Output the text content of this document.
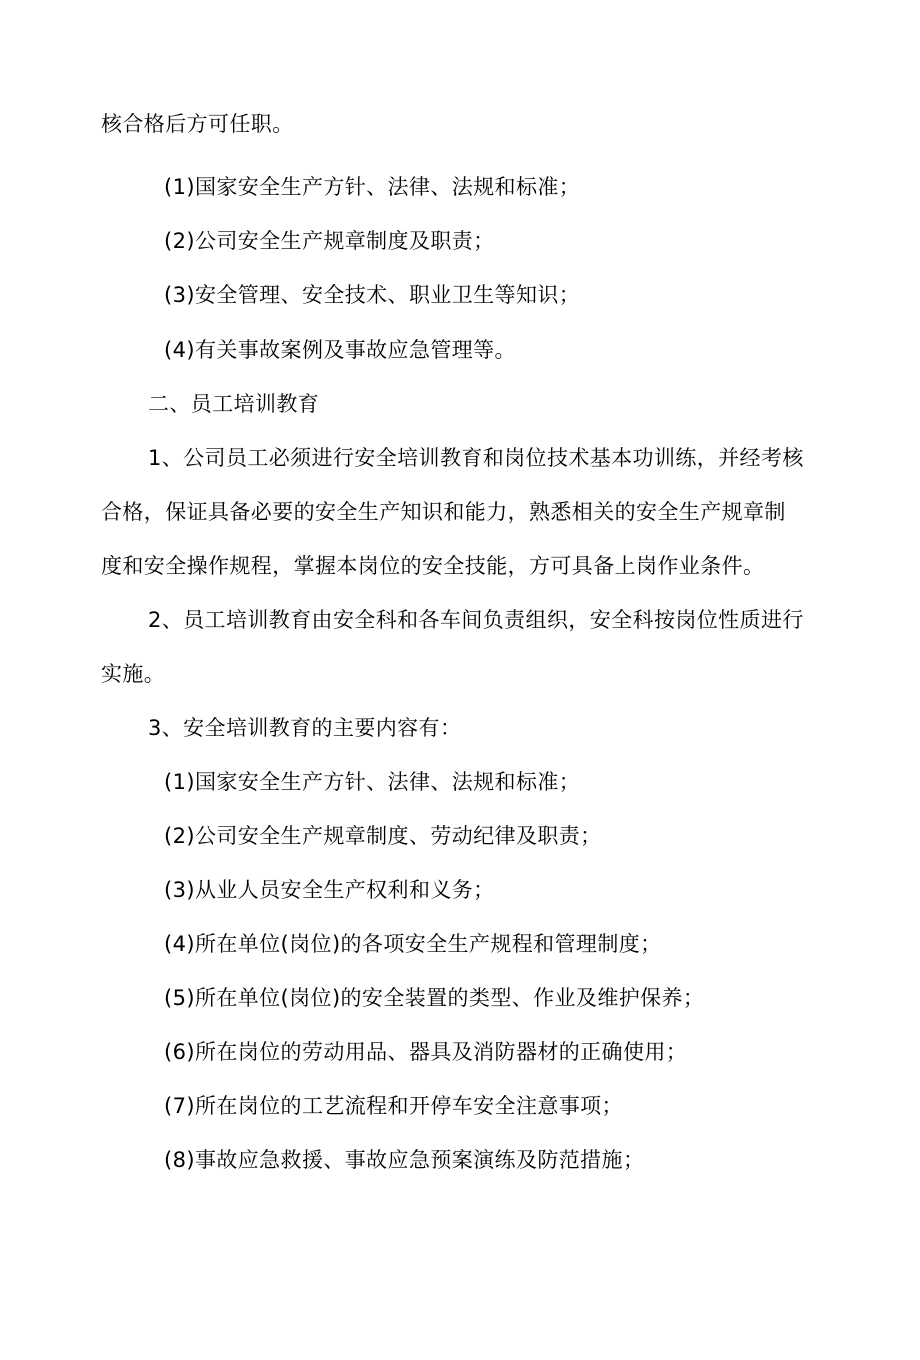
核合格后方可任职。
(1)国家安全生产方针、法律、法规和标准；
(2)公司安全生产规章制度及职责；
(3)安全管理、安全技术、职业卫生等知识；
(4)有关事故案例及事故应急管理等。
二、员工培训教育
1、公司员工必须进行安全培训教育和岗位技术基本功训练，并经考核
合格，保证具备必要的安全生产知识和能力，熟悉相关的安全生产规章制
度和安全操作规程，掌握本岗位的安全技能，方可具备上岗作业条件。
2、员工培训教育由安全科和各车间负责组织，安全科按岗位性质进行
实施。
3、安全培训教育的主要内容有：
(1)国家安全生产方针、法律、法规和标准；
(2)公司安全生产规章制度、劳动纪律及职责；
(3)从业人员安全生产权利和义务；
(4)所在单位(岗位)的各项安全生产规程和管理制度；
(5)所在单位(岗位)的安全装置的类型、作业及维护保养；
(6)所在岗位的劳动用品、器具及消防器材的正确使用；
(7)所在岗位的工艺流程和开停车安全注意事项；
(8)事故应急救援、事故应急预案演练及防范措施；
